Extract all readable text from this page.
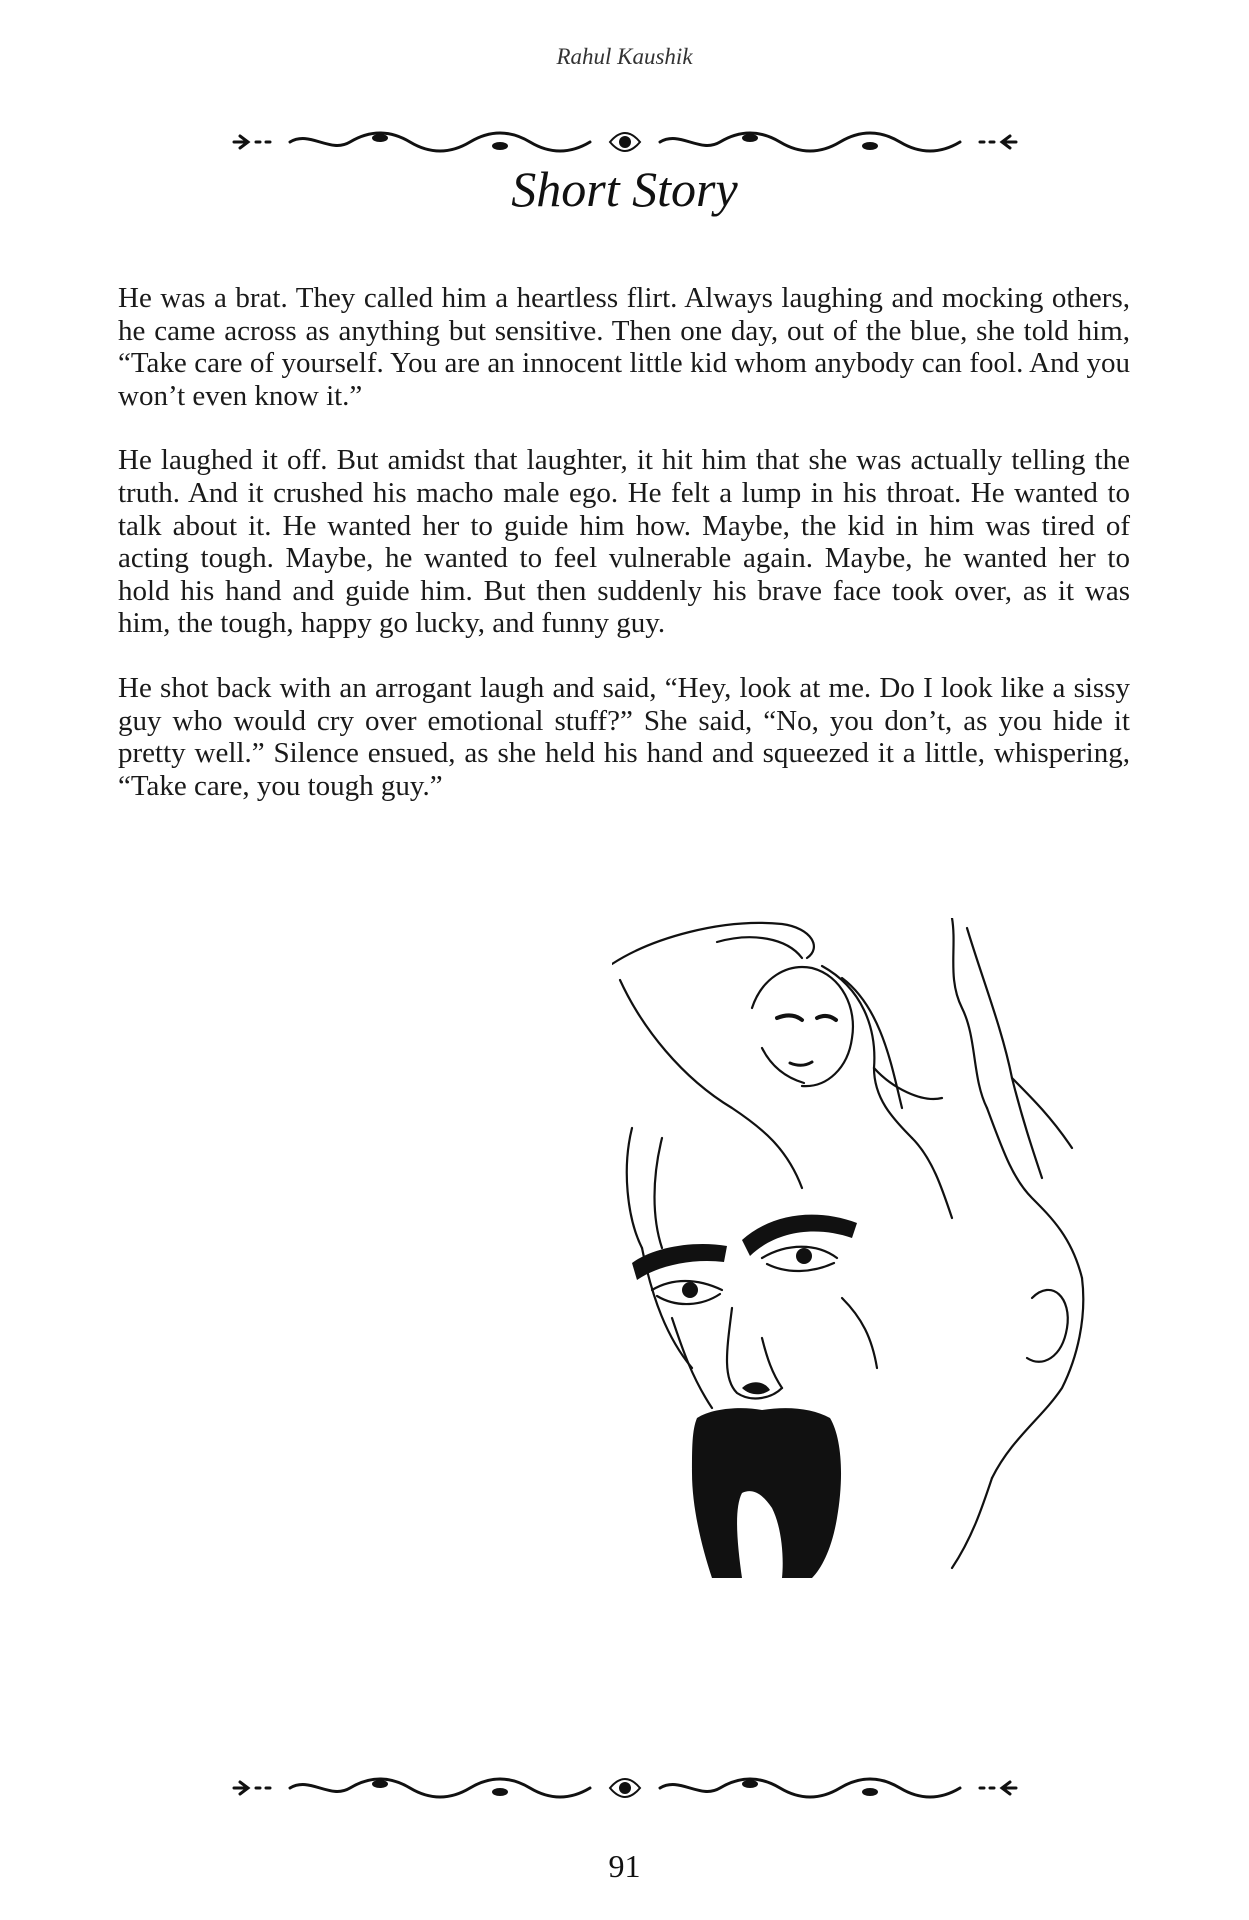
Rahul Kaushik
Short Story

He was a brat. They called him a heartless flirt. Always laughing and mocking others, he came across as anything but sensitive. Then one day, out of the blue, she told him, “Take care of yourself. You are an innocent little kid whom anybody can fool. And you won’t even know it.”

He laughed it off. But amidst that laughter, it hit him that she was actually telling the truth. And it crushed his macho male ego. He felt a lump in his throat. He wanted to talk about it. He wanted her to guide him how. Maybe, the kid in him was tired of acting tough. Maybe, he wanted to feel vulnerable again. Maybe, he wanted her to hold his hand and guide him. But then suddenly his brave face took over, as it was him, the tough, happy go lucky, and funny guy.

He shot back with an arrogant laugh and said, “Hey, look at me. Do I look like a sissy guy who would cry over emotional stuff?” She said, “No, you don’t, as you hide it pretty well.” Silence ensued, as she held his hand and squeezed it a little, whispering, “Take care, you tough guy.”

91
